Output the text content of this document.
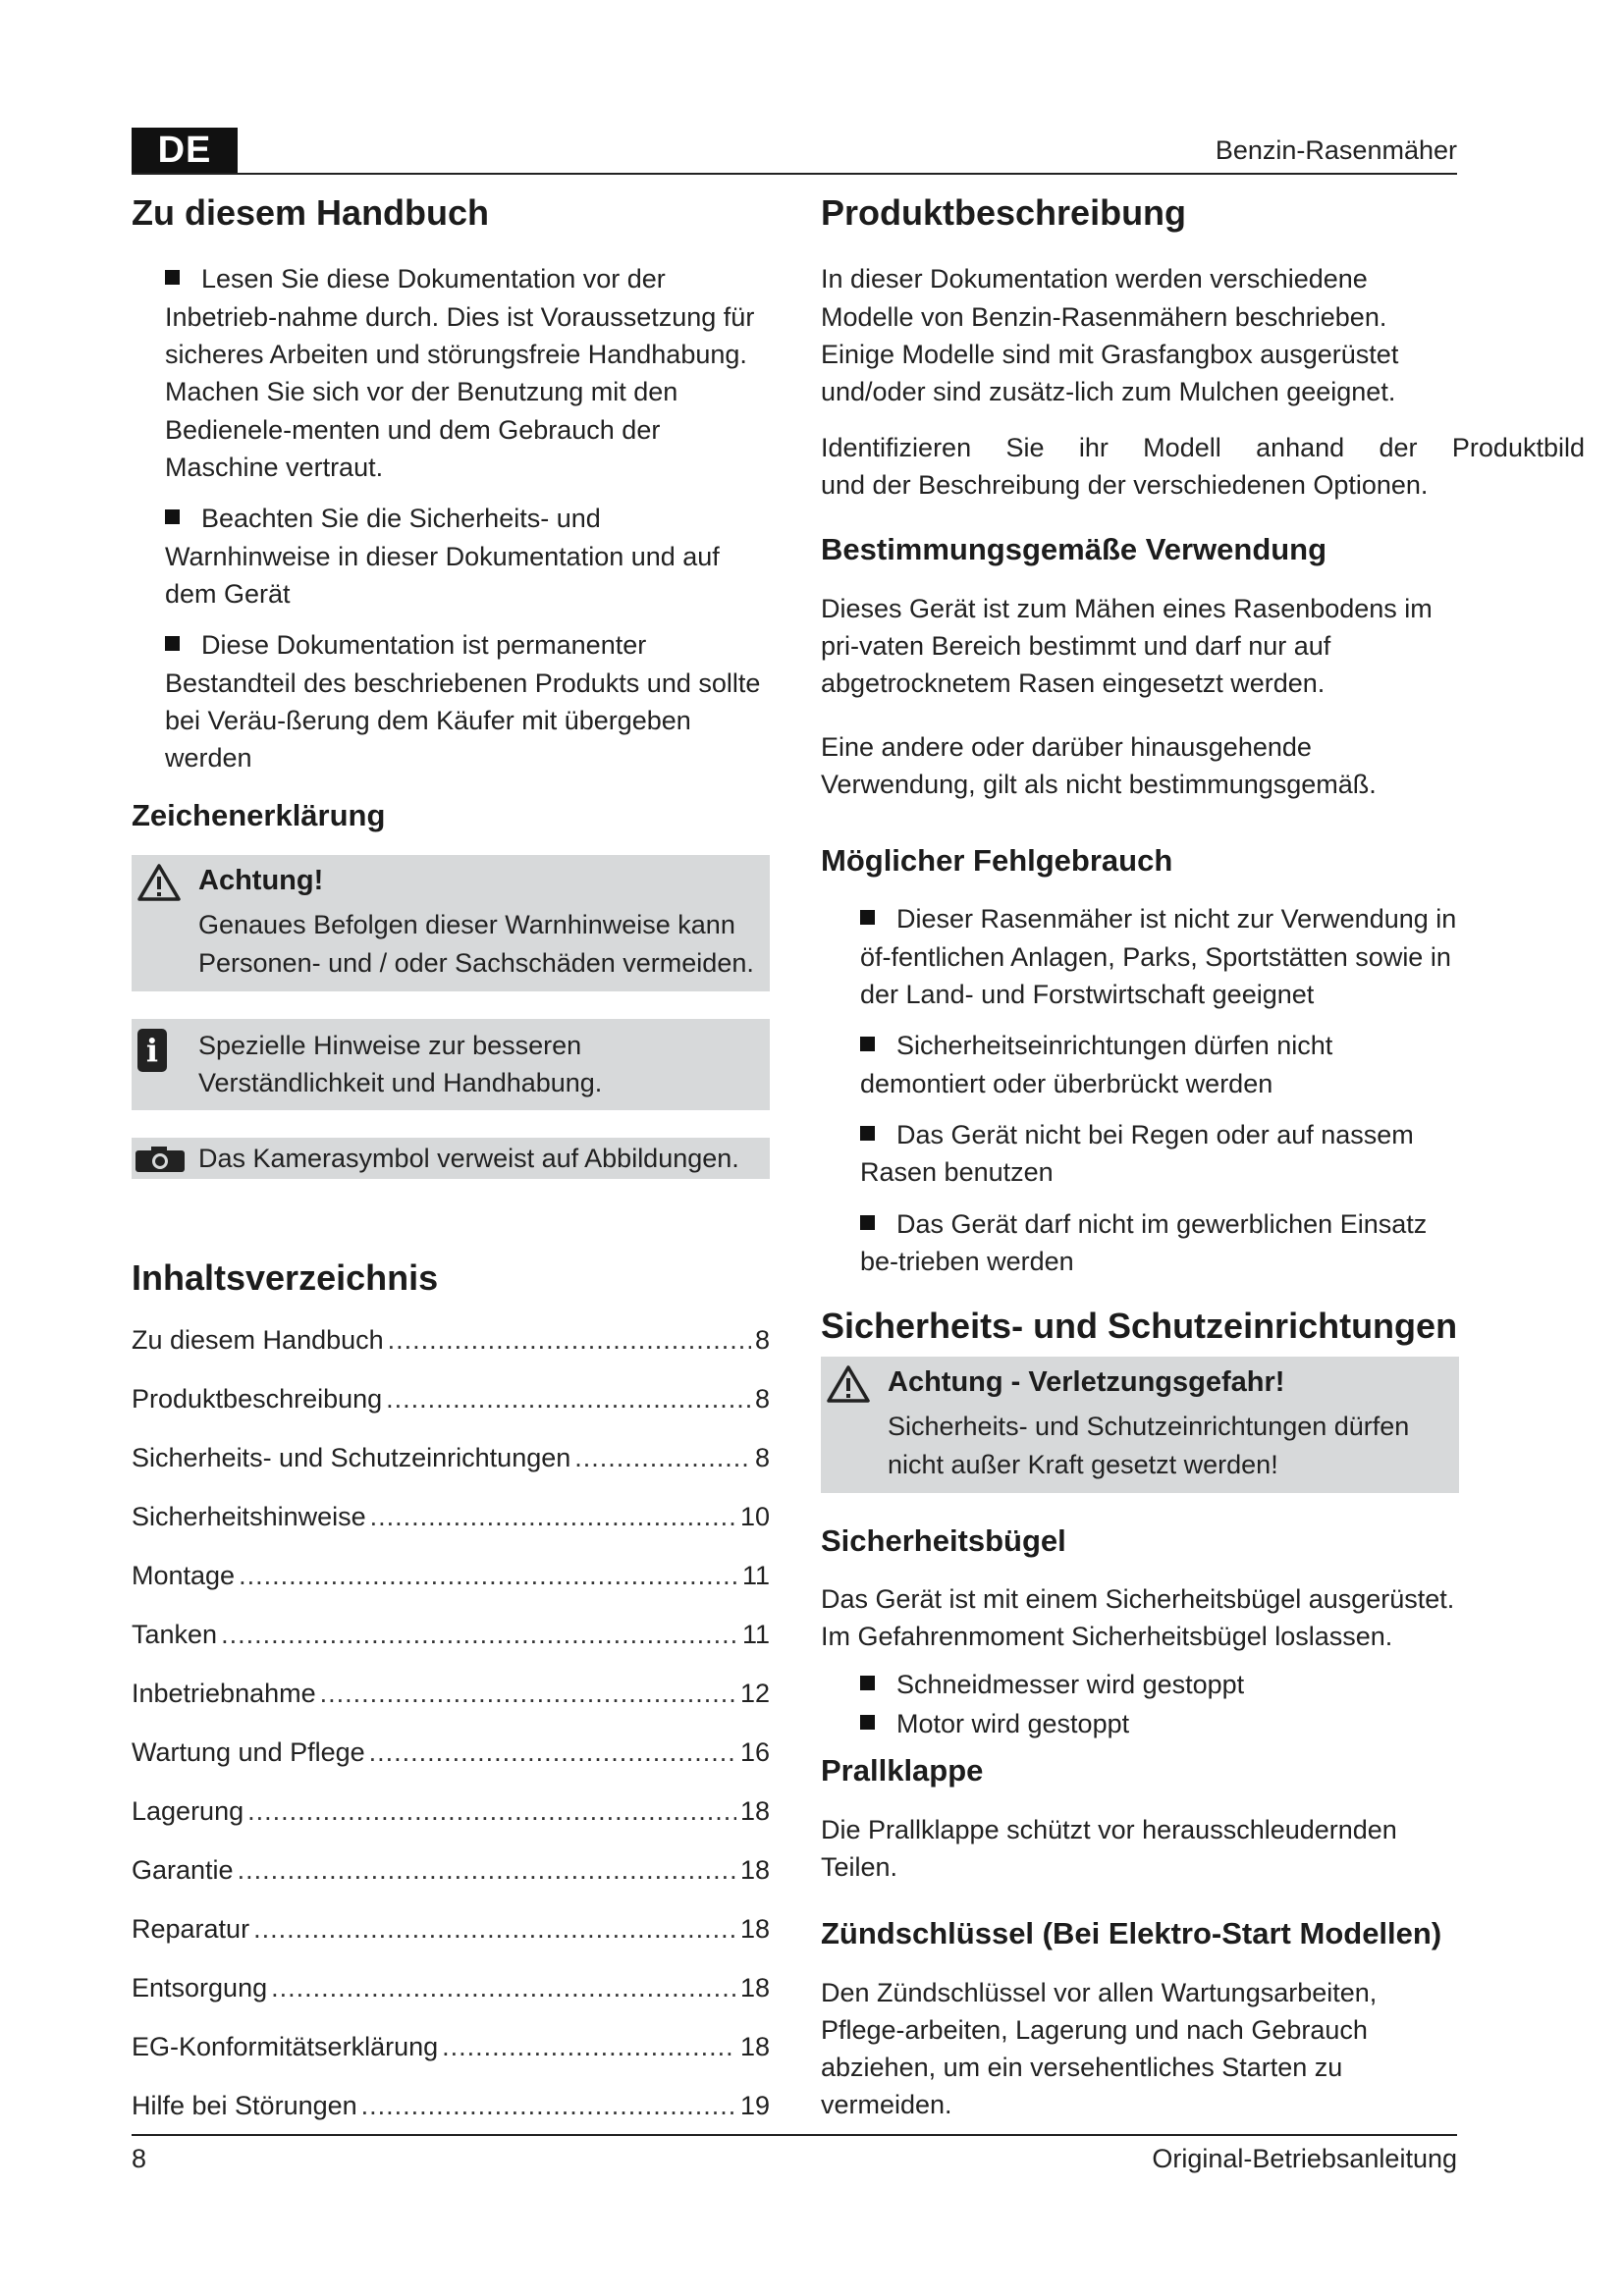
DE	Benzin-Rasenmäher
Zu diesem Handbuch
Lesen Sie diese Dokumentation vor der Inbetrieb-nahme durch. Dies ist Voraussetzung für sicheres Arbeiten und störungsfreie Handhabung. Machen Sie sich vor der Benutzung mit den Bedienele-menten und dem Gebrauch der Maschine vertraut.
Beachten Sie die Sicherheits- und Warnhinweise in dieser Dokumentation und auf dem Gerät
Diese Dokumentation ist permanenter Bestandteil des beschriebenen Produkts und sollte bei Veräu-ßerung dem Käufer mit übergeben werden
Zeichenerklärung
Achtung!
Genaues Befolgen dieser Warnhinweise kann Personen- und / oder Sachschäden vermeiden.
i	Spezielle Hinweise zur besseren Verständlichkeit und Handhabung.
Das Kamerasymbol verweist auf Abbildungen.
Inhaltsverzeichnis
Zu diesem Handbuch .....	8
Produktbeschreibung .....	8
Sicherheits- und Schutzeinrichtungen .....	8
Sicherheitshinweise .....	10
Montage .....	11
Tanken .....	11
Inbetriebnahme .....	12
Wartung und Pflege .....	16
Lagerung .....	18
Garantie .....	18
Reparatur .....	18
Entsorgung .....	18
EG-Konformitätserklärung .....	18
Hilfe bei Störungen .....	19
Produktbeschreibung

In dieser Dokumentation werden verschiedene Modelle von Benzin-Rasenmähern beschrieben. Einige Modelle sind mit Grasfangbox ausgerüstet und/oder sind zusätz-lich zum Mulchen geeignet.

Identifizieren Sie ihr Modell anhand der Produktbild

und der Beschreibung der verschiedenen Optionen.

Bestimmungsgemäße Verwendung

Dieses Gerät ist zum Mähen eines Rasenbodens im pri-vaten Bereich bestimmt und darf nur auf abgetrocknetem Rasen eingesetzt werden.

Eine andere oder darüber hinausgehende Verwendung, gilt als nicht bestimmungsgemäß.

Möglicher Fehlgebrauch
Dieser Rasenmäher ist nicht zur Verwendung in öf-fentlichen Anlagen, Parks, Sportstätten sowie in der Land- und Forstwirtschaft geeignet
Sicherheitseinrichtungen dürfen nicht demontiert oder überbrückt werden
Das Gerät nicht bei Regen oder auf nassem Rasen benutzen
Das Gerät darf nicht im gewerblichen Einsatz be-trieben werden
Sicherheits- und Schutzeinrichtungen
Achtung - Verletzungsgefahr!
Sicherheits- und Schutzeinrichtungen dürfen nicht außer Kraft gesetzt werden!
Sicherheitsbügel

Das Gerät ist mit einem Sicherheitsbügel ausgerüstet. Im Gefahrenmoment Sicherheitsbügel loslassen.

Schneidmesser wird gestoppt
Motor wird gestoppt
Prallklappe

Die Prallklappe schützt vor herausschleudernden Teilen.

Zündschlüssel (Bei Elektro-Start Modellen)

Den Zündschlüssel vor allen Wartungsarbeiten, Pflege-arbeiten, Lagerung und nach Gebrauch abziehen, um ein versehentliches Starten zu vermeiden.

8	Original-Betriebsanleitung
